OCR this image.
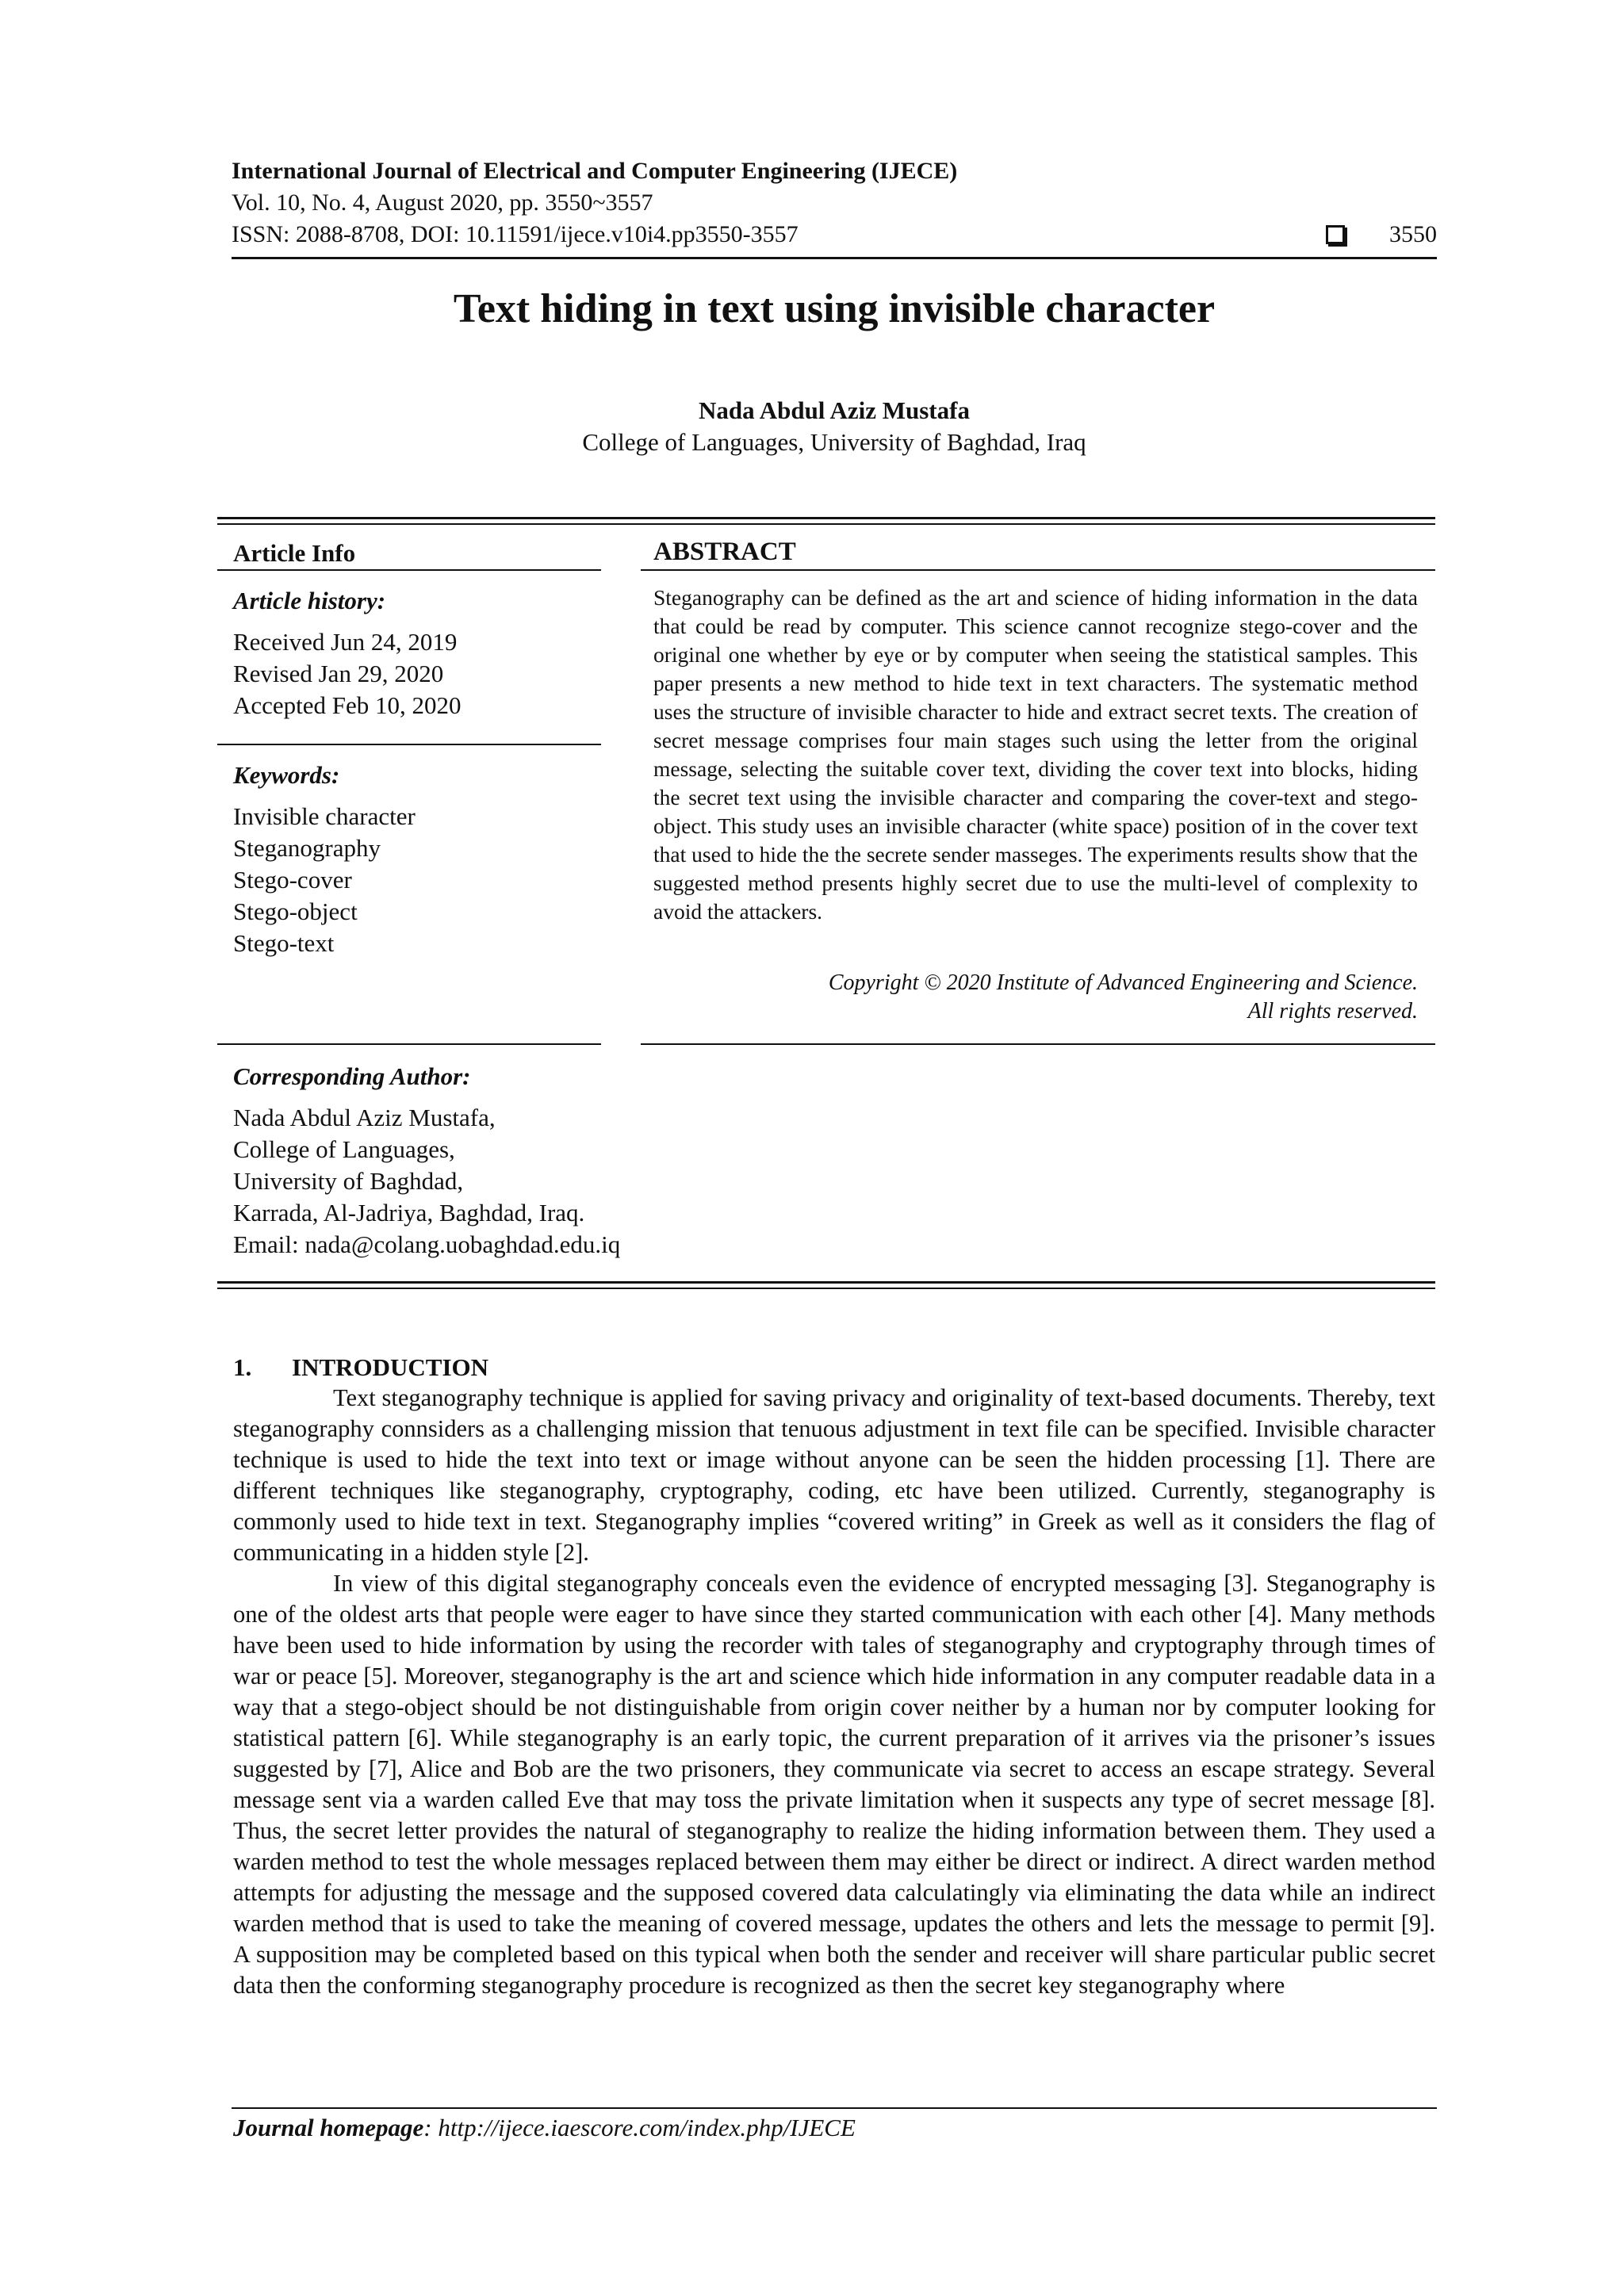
International Journal of Electrical and Computer Engineering (IJECE)
Vol. 10, No. 4, August 2020, pp. 3550~3557
ISSN: 2088-8708, DOI: 10.11591/ijece.v10i4.pp3550-3557	3550
Text hiding in text using invisible character
Nada Abdul Aziz Mustafa
College of Languages, University of Baghdad, Iraq
Article Info
Article history:
Received Jun 24, 2019
Revised Jan 29, 2020
Accepted Feb 10, 2020
Keywords:
Invisible character
Steganography
Stego-cover
Stego-object
Stego-text
ABSTRACT
Steganography can be defined as the art and science of hiding information in the data that could be read by computer. This science cannot recognize stego-cover and the original one whether by eye or by computer when seeing the statistical samples. This paper presents a new method to hide text in text characters. The systematic method uses the structure of invisible character to hide and extract secret texts. The creation of secret message comprises four main stages such using the letter from the original message, selecting the suitable cover text, dividing the cover text into blocks, hiding the secret text using the invisible character and comparing the cover-text and stego-object. This study uses an invisible character (white space) position of in the cover text that used to hide the the secrete sender masseges. The experiments results show that the suggested method presents highly secret due to use the multi-level of complexity to avoid the attackers.
Copyright © 2020 Institute of Advanced Engineering and Science.
All rights reserved.
Corresponding Author:
Nada Abdul Aziz Mustafa,
College of Languages,
University of Baghdad,
Karrada, Al-Jadriya, Baghdad, Iraq.
Email: nada@colang.uobaghdad.edu.iq
1. INTRODUCTION

Text steganography technique is applied for saving privacy and originality of text-based documents. Thereby, text steganography connsiders as a challenging mission that tenuous adjustment in text file can be specified. Invisible character technique is used to hide the text into text or image without anyone can be seen the hidden processing [1]. There are different techniques like steganography, cryptography, coding, etc have been utilized. Currently, steganography is commonly used to hide text in text. Steganography implies “covered writing” in Greek as well as it considers the flag of communicating in a hidden style [2].

In view of this digital steganography conceals even the evidence of encrypted messaging [3]. Steganography is one of the oldest arts that people were eager to have since they started communication with each other [4]. Many methods have been used to hide information by using the recorder with tales of steganography and cryptography through times of war or peace [5]. Moreover, steganography is the art and science which hide information in any computer readable data in a way that a stego-object should be not distinguishable from origin cover neither by a human nor by computer looking for statistical pattern [6]. While steganography is an early topic, the current preparation of it arrives via the prisoner’s issues suggested by [7], Alice and Bob are the two prisoners, they communicate via secret to access an escape strategy. Several message sent via a warden called Eve that may toss the private limitation when it suspects any type of secret message [8]. Thus, the secret letter provides the natural of steganography to realize the hiding information between them. They used a warden method to test the whole messages replaced between them may either be direct or indirect. A direct warden method attempts for adjusting the message and the supposed covered data calculatingly via eliminating the data while an indirect warden method that is used to take the meaning of covered message, updates the others and lets the message to permit [9]. A supposition may be completed based on this typical when both the sender and receiver will share particular public secret data then the conforming steganography procedure is recognized as then the secret key steganography where

Journal homepage: http://ijece.iaescore.com/index.php/IJECE
